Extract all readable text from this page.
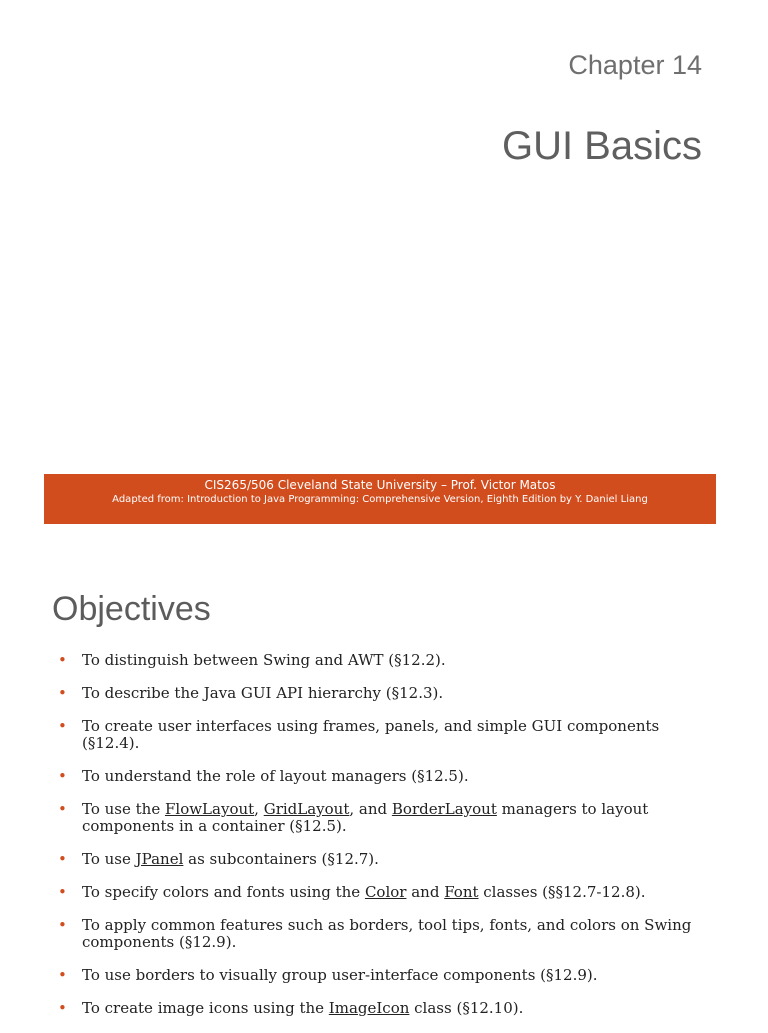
Chapter 14
GUI Basics
CIS265/506 Cleveland State University – Prof. Victor Matos
Adapted from: Introduction to Java Programming: Comprehensive Version, Eighth Edition by Y. Daniel Liang
Objectives
• To distinguish between Swing and AWT (§12.2).
• To describe the Java GUI API hierarchy (§12.3).
• To create user interfaces using frames, panels, and simple GUI components (§12.4).
• To understand the role of layout managers (§12.5).
• To use the FlowLayout, GridLayout, and BorderLayout managers to layout components in a container (§12.5).
• To use JPanel as subcontainers (§12.7).
• To specify colors and fonts using the Color and Font classes (§§12.7-12.8).
• To apply common features such as borders, tool tips, fonts, and colors on Swing components (§12.9).
• To use borders to visually group user-interface components (§12.9).
• To create image icons using the ImageIcon class (§12.10).
